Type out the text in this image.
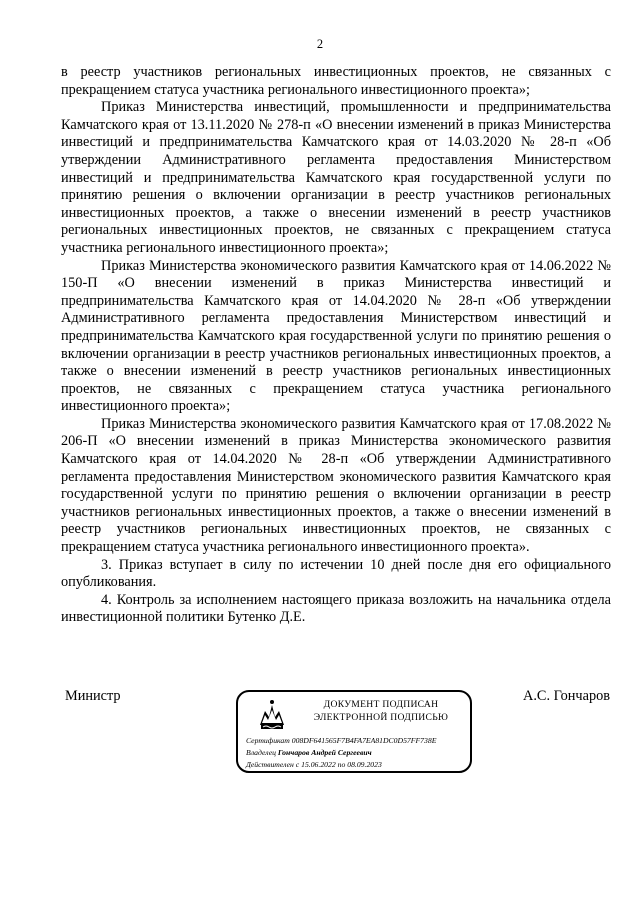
2

в реестр участников региональных инвестиционных проектов, не связанных с прекращением статуса участника регионального инвестиционного проекта»;

Приказ Министерства инвестиций, промышленности и предпринимательства Камчатского края от 13.11.2020 № 278-п «О внесении изменений в приказ Министерства инвестиций и предпринимательства Камчатского края от 14.03.2020 № 28-п «Об утверждении Административного регламента предоставления Министерством инвестиций и предпринимательства Камчатского края государственной услуги по принятию решения о включении организации в реестр участников региональных инвестиционных проектов, а также о внесении изменений в реестр участников региональных инвестиционных проектов, не связанных с прекращением статуса участника регионального инвестиционного проекта»;

Приказ Министерства экономического развития Камчатского края от 14.06.2022 № 150-П «О внесении изменений в приказ Министерства инвестиций и предпринимательства Камчатского края от 14.04.2020 № 28-п «Об утверждении Административного регламента предоставления Министерством инвестиций и предпринимательства Камчатского края государственной услуги по принятию решения о включении организации в реестр участников региональных инвестиционных проектов, а также о внесении изменений в реестр участников региональных инвестиционных проектов, не связанных с прекращением статуса участника регионального инвестиционного проекта»;

Приказ Министерства экономического развития Камчатского края от 17.08.2022 № 206-П «О внесении изменений в приказ Министерства экономического развития Камчатского края от 14.04.2020 № 28-п «Об утверждении Административного регламента предоставления Министерством экономического развития Камчатского края государственной услуги по принятию решения о включении организации в реестр участников региональных инвестиционных проектов, а также о внесении изменений в реестр участников региональных инвестиционных проектов, не связанных с прекращением статуса участника регионального инвестиционного проекта».

3. Приказ вступает в силу по истечении 10 дней после дня его официального опубликования.

4. Контроль за исполнением настоящего приказа возложить на начальника отдела инвестиционной политики Бутенко Д.Е.

Министр	А.С. Гончаров
ДОКУМЕНТ ПОДПИСАН
ЭЛЕКТРОННОЙ ПОДПИСЬЮ
Сертификат 008DF641565F7B4FA7EA81DC0D57FF738E
Владелец Гончаров Андрей Сергеевич
Действителен с 15.06.2022 по 08.09.2023
